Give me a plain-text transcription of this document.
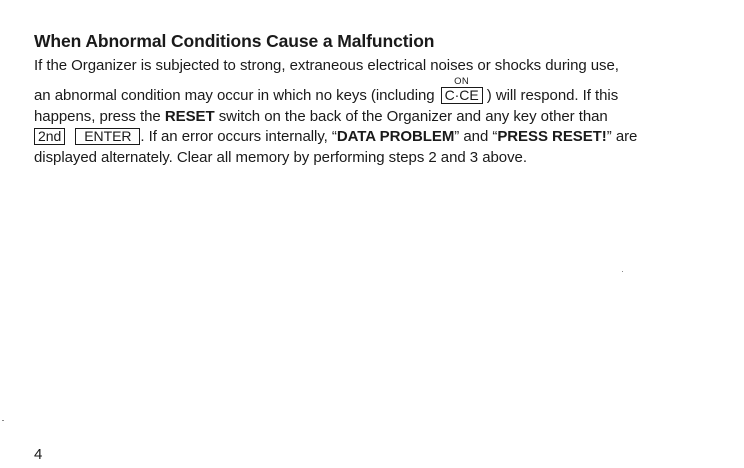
When Abnormal Conditions Cause a Malfunction
If the Organizer is subjected to strong, extraneous electrical noises or shocks during use,
an abnormal condition may occur in which no keys (including
ON
C·CE ) will respond. If this
happens, press the RESET switch on the back of the Organizer and any key other than
2nd ENTER . If an error occurs internally, “DATA PROBLEM” and “PRESS RESET!” are
displayed alternately. Clear all memory by performing steps 2 and 3 above.
4
